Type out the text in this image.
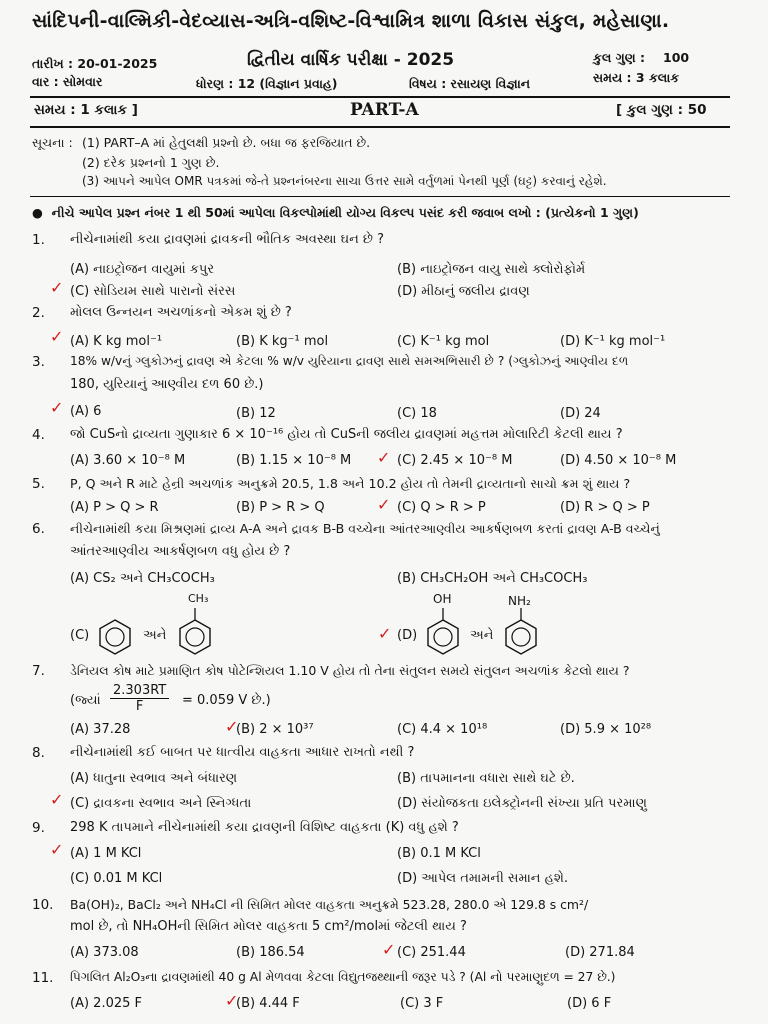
સાંદિપની-વાલ્મિકી-વેદવ્યાસ-અત્રિ-વશિષ્ટ-વિશ્વામિત્ર શાળા વિકાસ સંકુલ, મહેસાણા.
તારીખ : 20-01-2025
વાર : સોમવાર
દ્વિતીય વાર્ષિક પરીક્ષા - 2025
ધોરણ : 12 (વિજ્ઞાન પ્રવાહ)	વિષય : રસાયણ વિજ્ઞાન
કુલ ગુણ : 100
સમય : 3 કલાક
સમય : 1 કલાક ]	PART-A	[ કુલ ગુણ : 50
સૂચના : (1) PART–A માં હેતુલક્ષી પ્રશ્નો છે. બધા જ ફરજિયાત છે.
(2) દરેક પ્રશ્નનો 1 ગુણ છે.
(3) આપને આપેલ OMR પત્રકમાં જે-તે પ્રશ્નનંબરના સાચા ઉત્તર સામે વર્તુળમાં પેનથી પૂર્ણ (ઘટ્ટ) કરવાનું રહેશે.
●  નીચે આપેલ પ્રશ્ન નંબર 1 થી 50માં આપેલા વિકલ્પોમાંથી યોગ્ય વિકલ્પ પસંદ કરી જવાબ લખો : (પ્રત્યેકનો 1 ગુણ)
1. નીચેનામાંથી કયા દ્રાવણમાં દ્રાવકની ભૌતિક અવસ્થા ઘન છે ?
(A) નાઇટ્રોજન વાયુમાં કપુર	(B) નાઇટ્રોજન વાયુ સાથે ક્લોરોફોર્મ
✓ (C) સોડિયમ સાથે પારાનો સંરસ	(D) મીઠાનું જલીય દ્રાવણ
2. મોલલ ઉન્નયન અચળાંકનો એકમ શું છે ?
✓ (A) K kg mol⁻¹	(B) K kg⁻¹ mol	(C) K⁻¹ kg mol	(D) K⁻¹ kg mol⁻¹
3. 18% w/vનું ગ્લુકોઝનું દ્રાવણ એ કેટલા % w/v યુરિયાના દ્રાવણ સાથે સમઅભિસારી છે ? (ગ્લુકોઝનું આણ્વીય દળ
180, યુરિયાનું આણ્વીય દળ 60 છે.)
✓ (A) 6	(B) 12	(C) 18	(D) 24
4. જો CuSનો દ્રાવ્યતા ગુણાકાર 6 × 10⁻¹⁶ હોય તો CuSની જલીય દ્રાવણમાં મહત્તમ મોલારિટી કેટલી થાય ?
(A) 3.60 × 10⁻⁸ M	(B) 1.15 × 10⁻⁸ M ✓ (C) 2.45 × 10⁻⁸ M	(D) 4.50 × 10⁻⁸ M
5. P, Q અને R માટે હેન્રી અચળાંક અનુક્રમે 20.5, 1.8 અને 10.2 હોય તો તેમની દ્રાવ્યતાનો સાચો ક્રમ શું થાય ?
(A) P > Q > R	(B) P > R > Q	✓ (C) Q > R > P	(D) R > Q > P
6. નીચેનામાંથી કયા મિશ્રણમાં દ્રાવ્ય A-A અને દ્રાવક B-B વચ્ચેના આંતરઆણ્વીય આકર્ષણબળ કરતાં દ્રાવણ A-B વચ્ચેનું
આંતરઆણ્વીય આકર્ષણબળ વધુ હોય છે ?
(A) CS₂ અને CH₃COCH₃	(B) CH₃CH₂OH અને CH₃COCH₃
(C)	અને
CH₃
✓ (D)
OH
અને
NH₂
7. ડેનિયલ કોષ માટે પ્રમાણિત કોષ પોટેન્શિયલ 1.10 V હોય તો તેના સંતુલન સમયે સંતુલન અચળાંક કેટલો થાય ?
(જ્યાં $\frac{2.303RT}{F} = 0.059$ V છે.)
(A) 37.28	✓
(B) 2 × 10³⁷	(C) 4.4 × 10¹⁸	(D) 5.9 × 10²⁸
8. નીચેનામાંથી કઈ બાબત પર ધાત્વીય વાહકતા આધાર રાખતો નથી ?
(A) ધાતુના સ્વભાવ અને બંધારણ	(B) તાપમાનના વધારા સાથે ઘટે છે.
✓ (C) દ્રાવકના સ્વભાવ અને સ્નિગ્ધતા	(D) સંયોજકતા ઇલેક્ટ્રોનની સંખ્યા પ્રતિ પરમાણુ
9. 298 K તાપમાને નીચેનામાંથી કયા દ્રાવણની વિશિષ્ટ વાહકતા (K) વધુ હશે ?
✓ (A) 1 M KCl	(B) 0.1 M KCl
(C) 0.01 M KCl	(D) આપેલ તમામની સમાન હશે.
10. Ba(OH)₂, BaCl₂ અને NH₄Cl ની સિમિત મોલર વાહકતા અનુક્રમે 523.28, 280.0 એ 129.8 s cm²/
mol છે, તો NH₄OHની સિમિત મોલર વાહકતા 5 cm²/molમાં જેટલી થાય ?
(A) 373.08	(B) 186.54	✓ (C) 251.44	(D) 271.84
11. પિગલિત Al₂O₃ના દ્રાવણમાંથી 40 g Al મેળવવા કેટલા વિદ્યુતજથ્થાની જરૂર પડે ? (Al નો પરમાણુદળ = 27 છે.)
(A) 2.025 F	✓
(B) 4.44 F	(C) 3 F	(D) 6 F
